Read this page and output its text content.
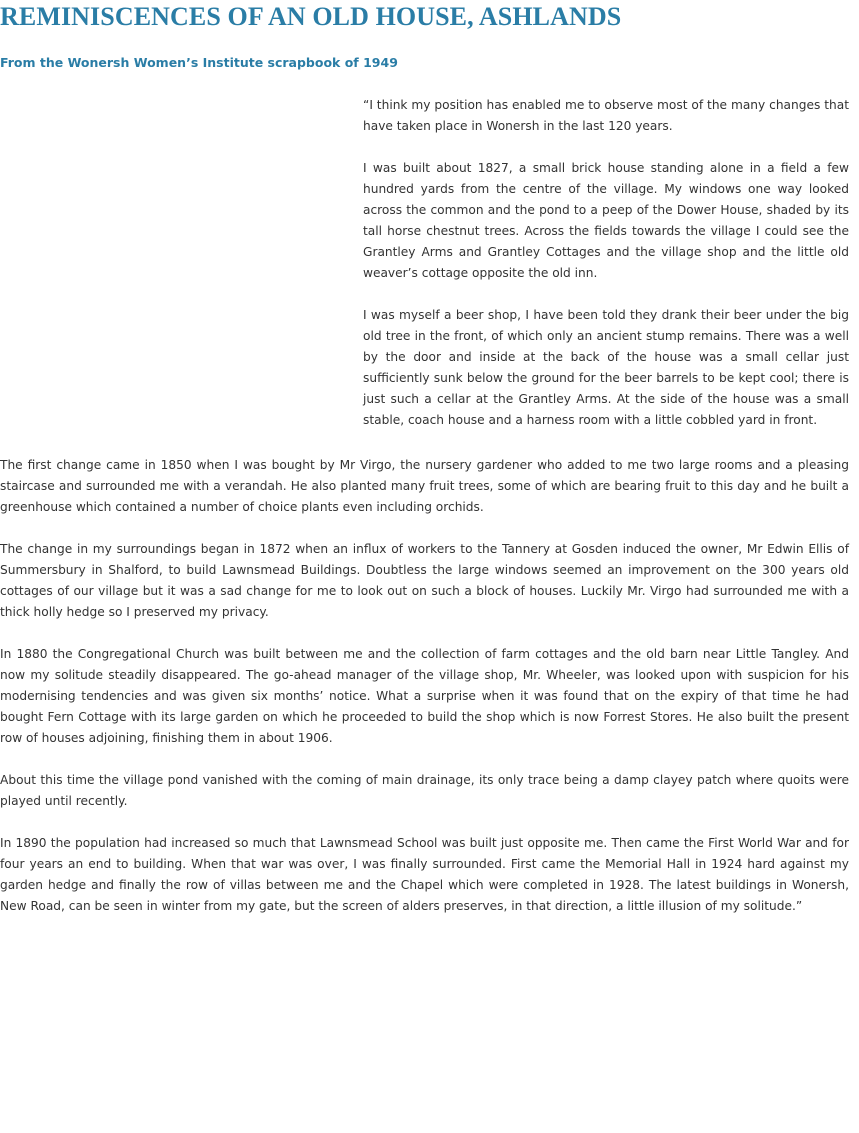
REMINISCENCES OF AN OLD HOUSE, ASHLANDS
From the Wonersh Women’s Institute scrapbook of 1949

“I think my position has enabled me to observe most of the many changes that have taken place in Wonersh in the last 120 years.

I was built about 1827, a small brick house standing alone in a field a few hundred yards from the centre of the village. My windows one way looked across the common and the pond to a peep of the Dower House, shaded by its tall horse chestnut trees. Across the fields towards the village I could see the Grantley Arms and Grantley Cottages and the village shop and the little old weaver’s cottage opposite the old inn.

I was myself a beer shop, I have been told they drank their beer under the big old tree in the front, of which only an ancient stump remains. There was a well by the door and inside at the back of the house was a small cellar just sufficiently sunk below the ground for the beer barrels to be kept cool; there is just such a cellar at the Grantley Arms. At the side of the house was a small stable, coach house and a harness room with a little cobbled yard in front.

The first change came in 1850 when I was bought by Mr Virgo, the nursery gardener who added to me two large rooms and a pleasing staircase and surrounded me with a verandah. He also planted many fruit trees, some of which are bearing fruit to this day and he built a greenhouse which contained a number of choice plants even including orchids.

The change in my surroundings began in 1872 when an influx of workers to the Tannery at Gosden induced the owner, Mr Edwin Ellis of Summersbury in Shalford, to build Lawnsmead Buildings. Doubtless the large windows seemed an improvement on the 300 years old cottages of our village but it was a sad change for me to look out on such a block of houses. Luckily Mr. Virgo had surrounded me with a thick holly hedge so I preserved my privacy.

In 1880 the Congregational Church was built between me and the collection of farm cottages and the old barn near Little Tangley. And now my solitude steadily disappeared. The go-ahead manager of the village shop, Mr. Wheeler, was looked upon with suspicion for his modernising tendencies and was given six months’ notice. What a surprise when it was found that on the expiry of that time he had bought Fern Cottage with its large garden on which he proceeded to build the shop which is now Forrest Stores. He also built the present row of houses adjoining, finishing them in about 1906.

About this time the village pond vanished with the coming of main drainage, its only trace being a damp clayey patch where quoits were played until recently.

In 1890 the population had increased so much that Lawnsmead School was built just opposite me. Then came the First World War and for four years an end to building. When that war was over, I was finally surrounded. First came the Memorial Hall in 1924 hard against my garden hedge and finally the row of villas between me and the Chapel which were completed in 1928. The latest buildings in Wonersh, New Road, can be seen in winter from my gate, but the screen of alders preserves, in that direction, a little illusion of my solitude.”
